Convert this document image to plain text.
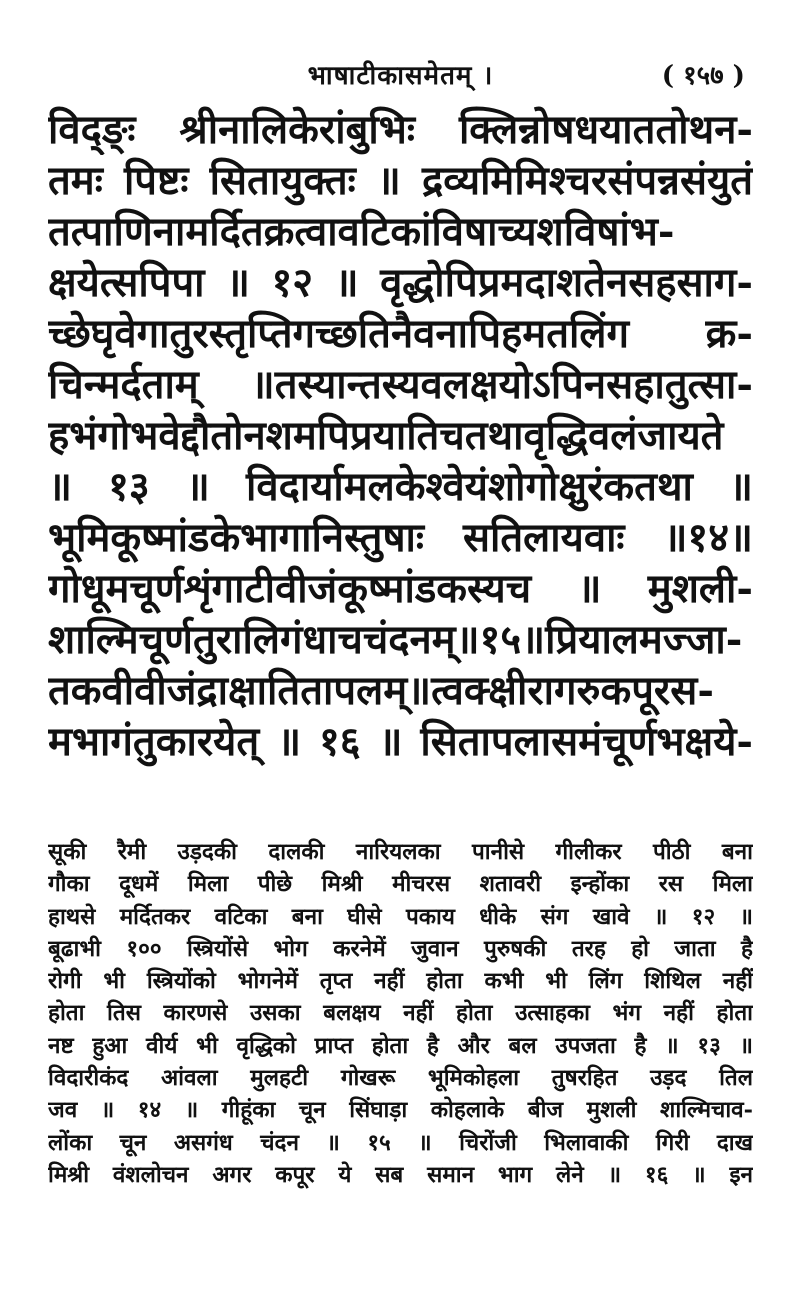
भाषाटीकासमेतम् ।	( १५७ )
विद्ङ्ः श्रीनालिकेरांबुभिः क्लिन्नोषधयाततोथन-
तमः पिष्टः सितायुक्तः ॥ द्रव्यमिमिश्चरसंपन्नसंयुतं
तत्पाणिनामर्दितक्रत्वावटिकांविषाच्यशविषांभ-
क्षयेत्सपिपा ॥ १२ ॥ वृद्धोपिप्रमदाशतेनसहसाग-
च्छेघृवेगातुरस्तृप्तिगच्छतिनैवनापिहमतलिंग क्र-
चिन्मर्दताम् ॥तस्यान्तस्यवलक्षयोऽपिनसहातुत्सा-
हभंगोभवेद्दौतोनशमपिप्रयातिचतथावृद्धिवलंजायते
॥ १३ ॥ विदार्यामलकेश्वेयंशोगोक्षुरंकतथा ॥
भूमिकूष्मांडकेभागानिस्तुषाः सतिलायवाः ॥१४॥
गोधूमचूर्णशृंगाटीवीजंकूष्मांडकस्यच ॥ मुशली-
शाल्मिचूर्णतुरालिगंधाचचंदनम्॥१५॥प्रियालमज्जा-
तकवीवीजंद्राक्षातितापलम्॥त्वक्क्षीरागरुकपूरस-
मभागंतुकारयेत् ॥ १६ ॥ सितापलासमंचूर्णभक्षये-
सूकी रैमी उड़दकी दालकी नारियलका पानीसे गीलीकर पीठी बना
गौका दूधमें मिला पीछे मिश्री मीचरस शतावरी इन्होंका रस मिला
हाथसे मर्दितकर वटिका बना घीसे पकाय धीके संग खावे ॥ १२ ॥
बूढाभी १०० स्त्रियोंसे भोग करनेमें जुवान पुरुषकी तरह हो जाता है
रोगी भी स्त्रियोंको भोगनेमें तृप्त नहीं होता कभी भी लिंग शिथिल नहीं
होता तिस कारणसे उसका बलक्षय नहीं होता उत्साहका भंग नहीं होता
नष्ट हुआ वीर्य भी वृद्धिको प्राप्त होता है और बल उपजता है ॥ १३ ॥
विदारीकंद आंवला मुलहटी गोखरू भूमिकोहला तुषरहित उड़द तिल
जव ॥ १४ ॥ गीहूंका चून सिंघाड़ा कोहलाके बीज मुशली शाल्मिचाव-
लोंका चून असगंध चंदन ॥ १५ ॥ चिरोंजी भिलावाकी गिरी दाख
मिश्री वंशलोचन अगर कपूर ये सब समान भाग लेने ॥ १६ ॥ इन
